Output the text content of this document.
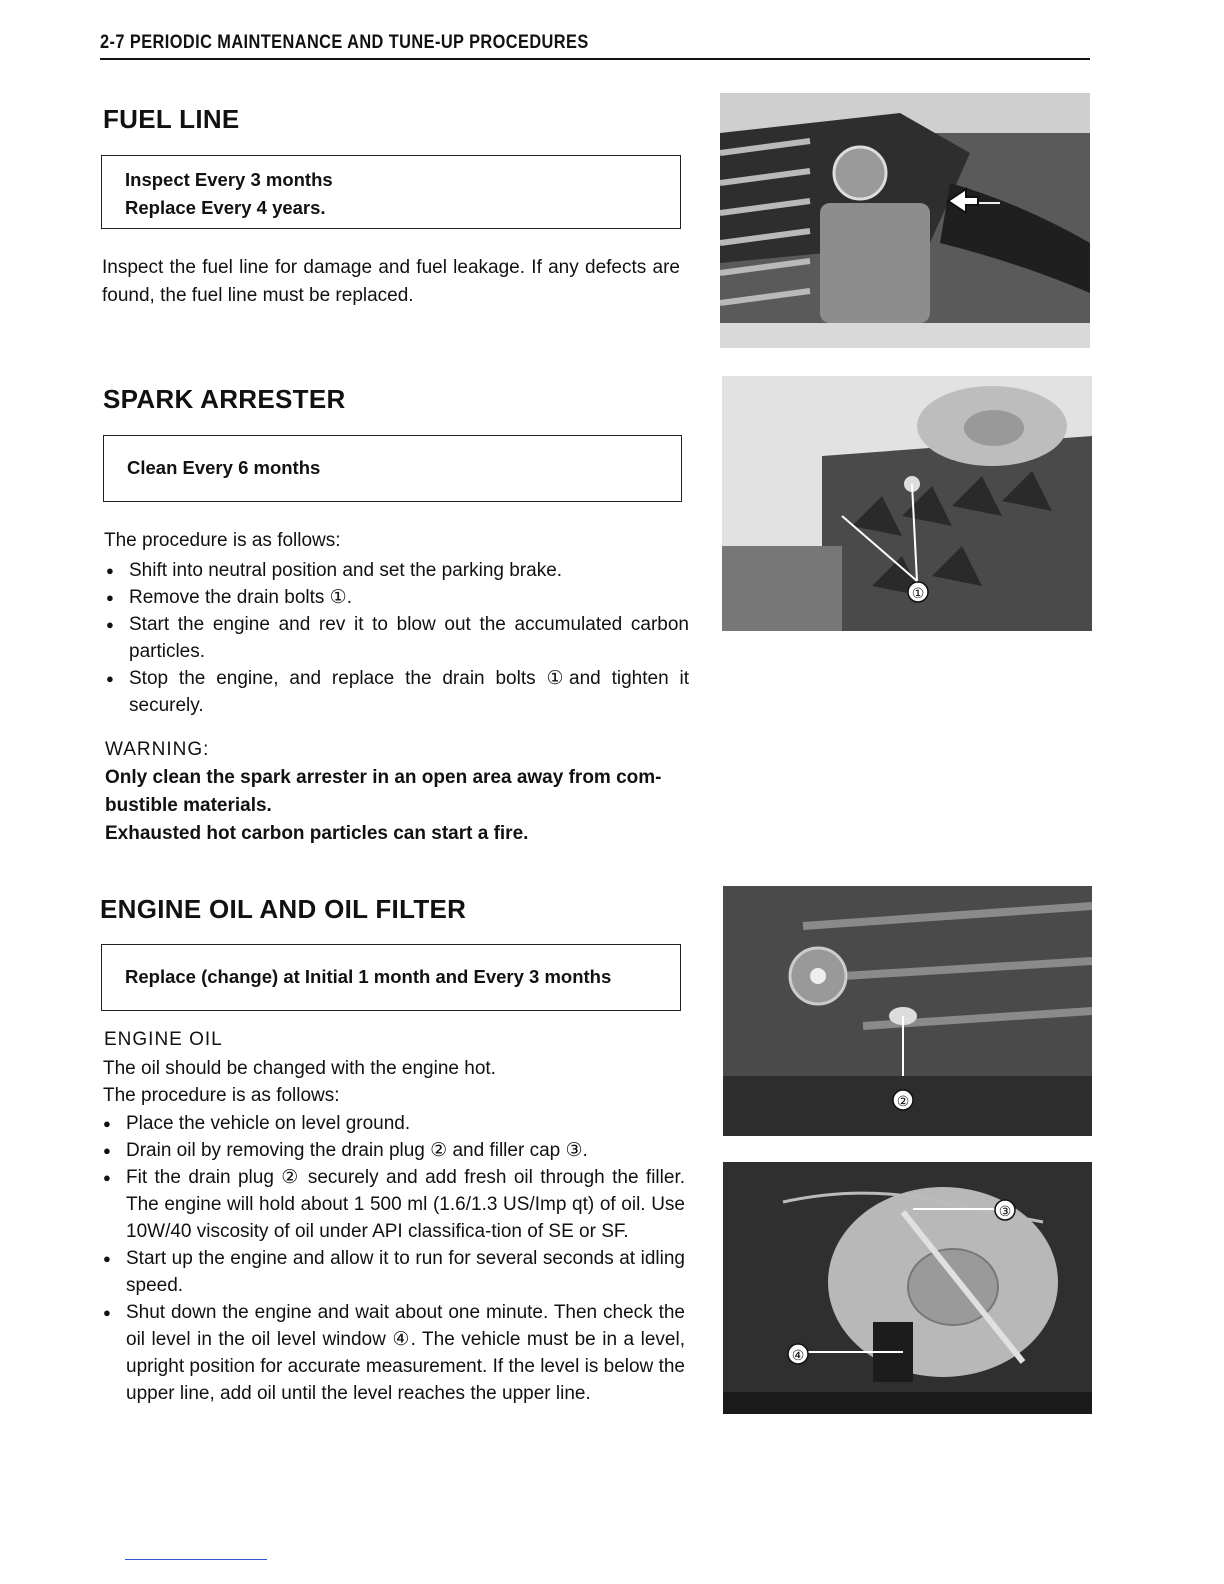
2-7 PERIODIC MAINTENANCE AND TUNE-UP PROCEDURES
FUEL LINE
Inspect Every 3 months
Replace Every 4 years.
Inspect the fuel line for damage and fuel leakage. If any defects are found, the fuel line must be replaced.
SPARK ARRESTER
Clean Every 6 months
The procedure is as follows:
● Shift into neutral position and set the parking brake.
● Remove the drain bolts ①.
● Start the engine and rev it to blow out the accumulated carbon particles.
● Stop the engine, and replace the drain bolts ①and tighten it securely.
WARNING:
Only clean the spark arrester in an open area away from com-bustible materials.
Exhausted hot carbon particles can start a fire.
ENGINE OIL AND OIL FILTER
Replace (change) at Initial 1 month and Every 3 months
ENGINE OIL
The oil should be changed with the engine hot.
The procedure is as follows:
● Place the vehicle on level ground.
● Drain oil by removing the drain plug ② and filler cap ③.
● Fit the drain plug ② securely and add fresh oil through the filler. The engine will hold about 1 500 ml (1.6/1.3 US/Imp qt) of oil. Use 10W/40 viscosity of oil under API classifica-tion of SE or SF.
● Start up the engine and allow it to run for several seconds at idling speed.
● Shut down the engine and wait about one minute. Then check the oil level in the oil level window ④. The vehicle must be in a level, upright position for accurate measurement. If the level is below the upper line, add oil until the level reaches the upper line.
①
②
③
④
